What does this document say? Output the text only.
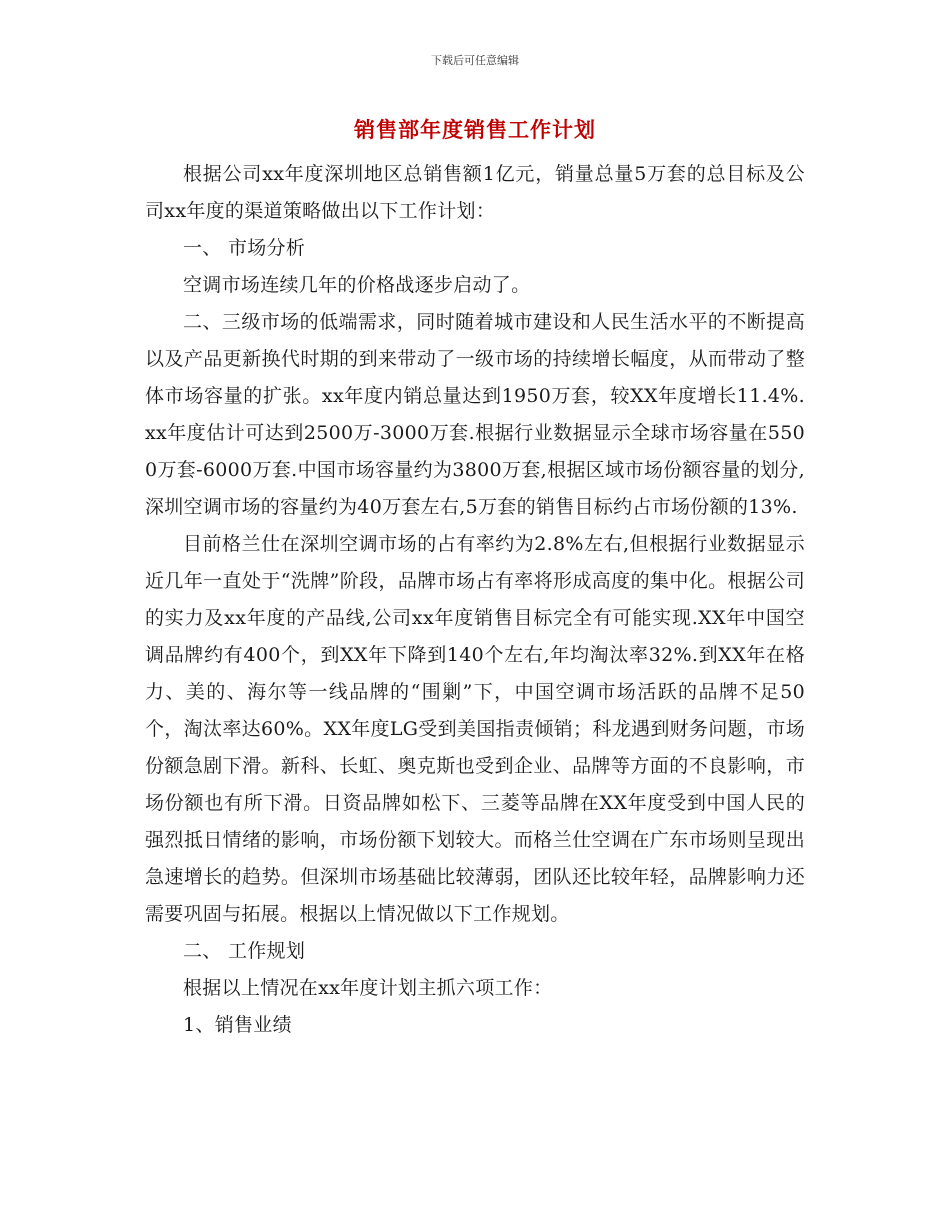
下载后可任意编辑
销售部年度销售工作计划

根据公司xx年度深圳地区总销售额1亿元，销量总量5万套的总目标及公司xx年度的渠道策略做出以下工作计划：

一、 市场分析

空调市场连续几年的价格战逐步启动了。

二、三级市场的低端需求，同时随着城市建设和人民生活水平的不断提高以及产品更新换代时期的到来带动了一级市场的持续增长幅度，从而带动了整体市场容量的扩张。xx年度内销总量达到1950万套，较XX年度增长11.4%.xx年度估计可达到2500万-3000万套.根据行业数据显示全球市场容量在5500万套-6000万套.中国市场容量约为3800万套,根据区域市场份额容量的划分,深圳空调市场的容量约为40万套左右,5万套的销售目标约占市场份额的13%.

目前格兰仕在深圳空调市场的占有率约为2.8%左右,但根据行业数据显示近几年一直处于“洗牌”阶段，品牌市场占有率将形成高度的集中化。根据公司的实力及xx年度的产品线,公司xx年度销售目标完全有可能实现.XX年中国空调品牌约有400个，到XX年下降到140个左右,年均淘汰率32%.到XX年在格力、美的、海尔等一线品牌的“围剿”下，中国空调市场活跃的品牌不足50个，淘汰率达60%。XX年度LG受到美国指责倾销；科龙遇到财务问题，市场份额急剧下滑。新科、长虹、奥克斯也受到企业、品牌等方面的不良影响，市场份额也有所下滑。日资品牌如松下、三菱等品牌在XX年度受到中国人民的强烈抵日情绪的影响，市场份额下划较大。而格兰仕空调在广东市场则呈现出急速增长的趋势。但深圳市场基础比较薄弱，团队还比较年轻，品牌影响力还需要巩固与拓展。根据以上情况做以下工作规划。

二、 工作规划

根据以上情况在xx年度计划主抓六项工作：

1、销售业绩
